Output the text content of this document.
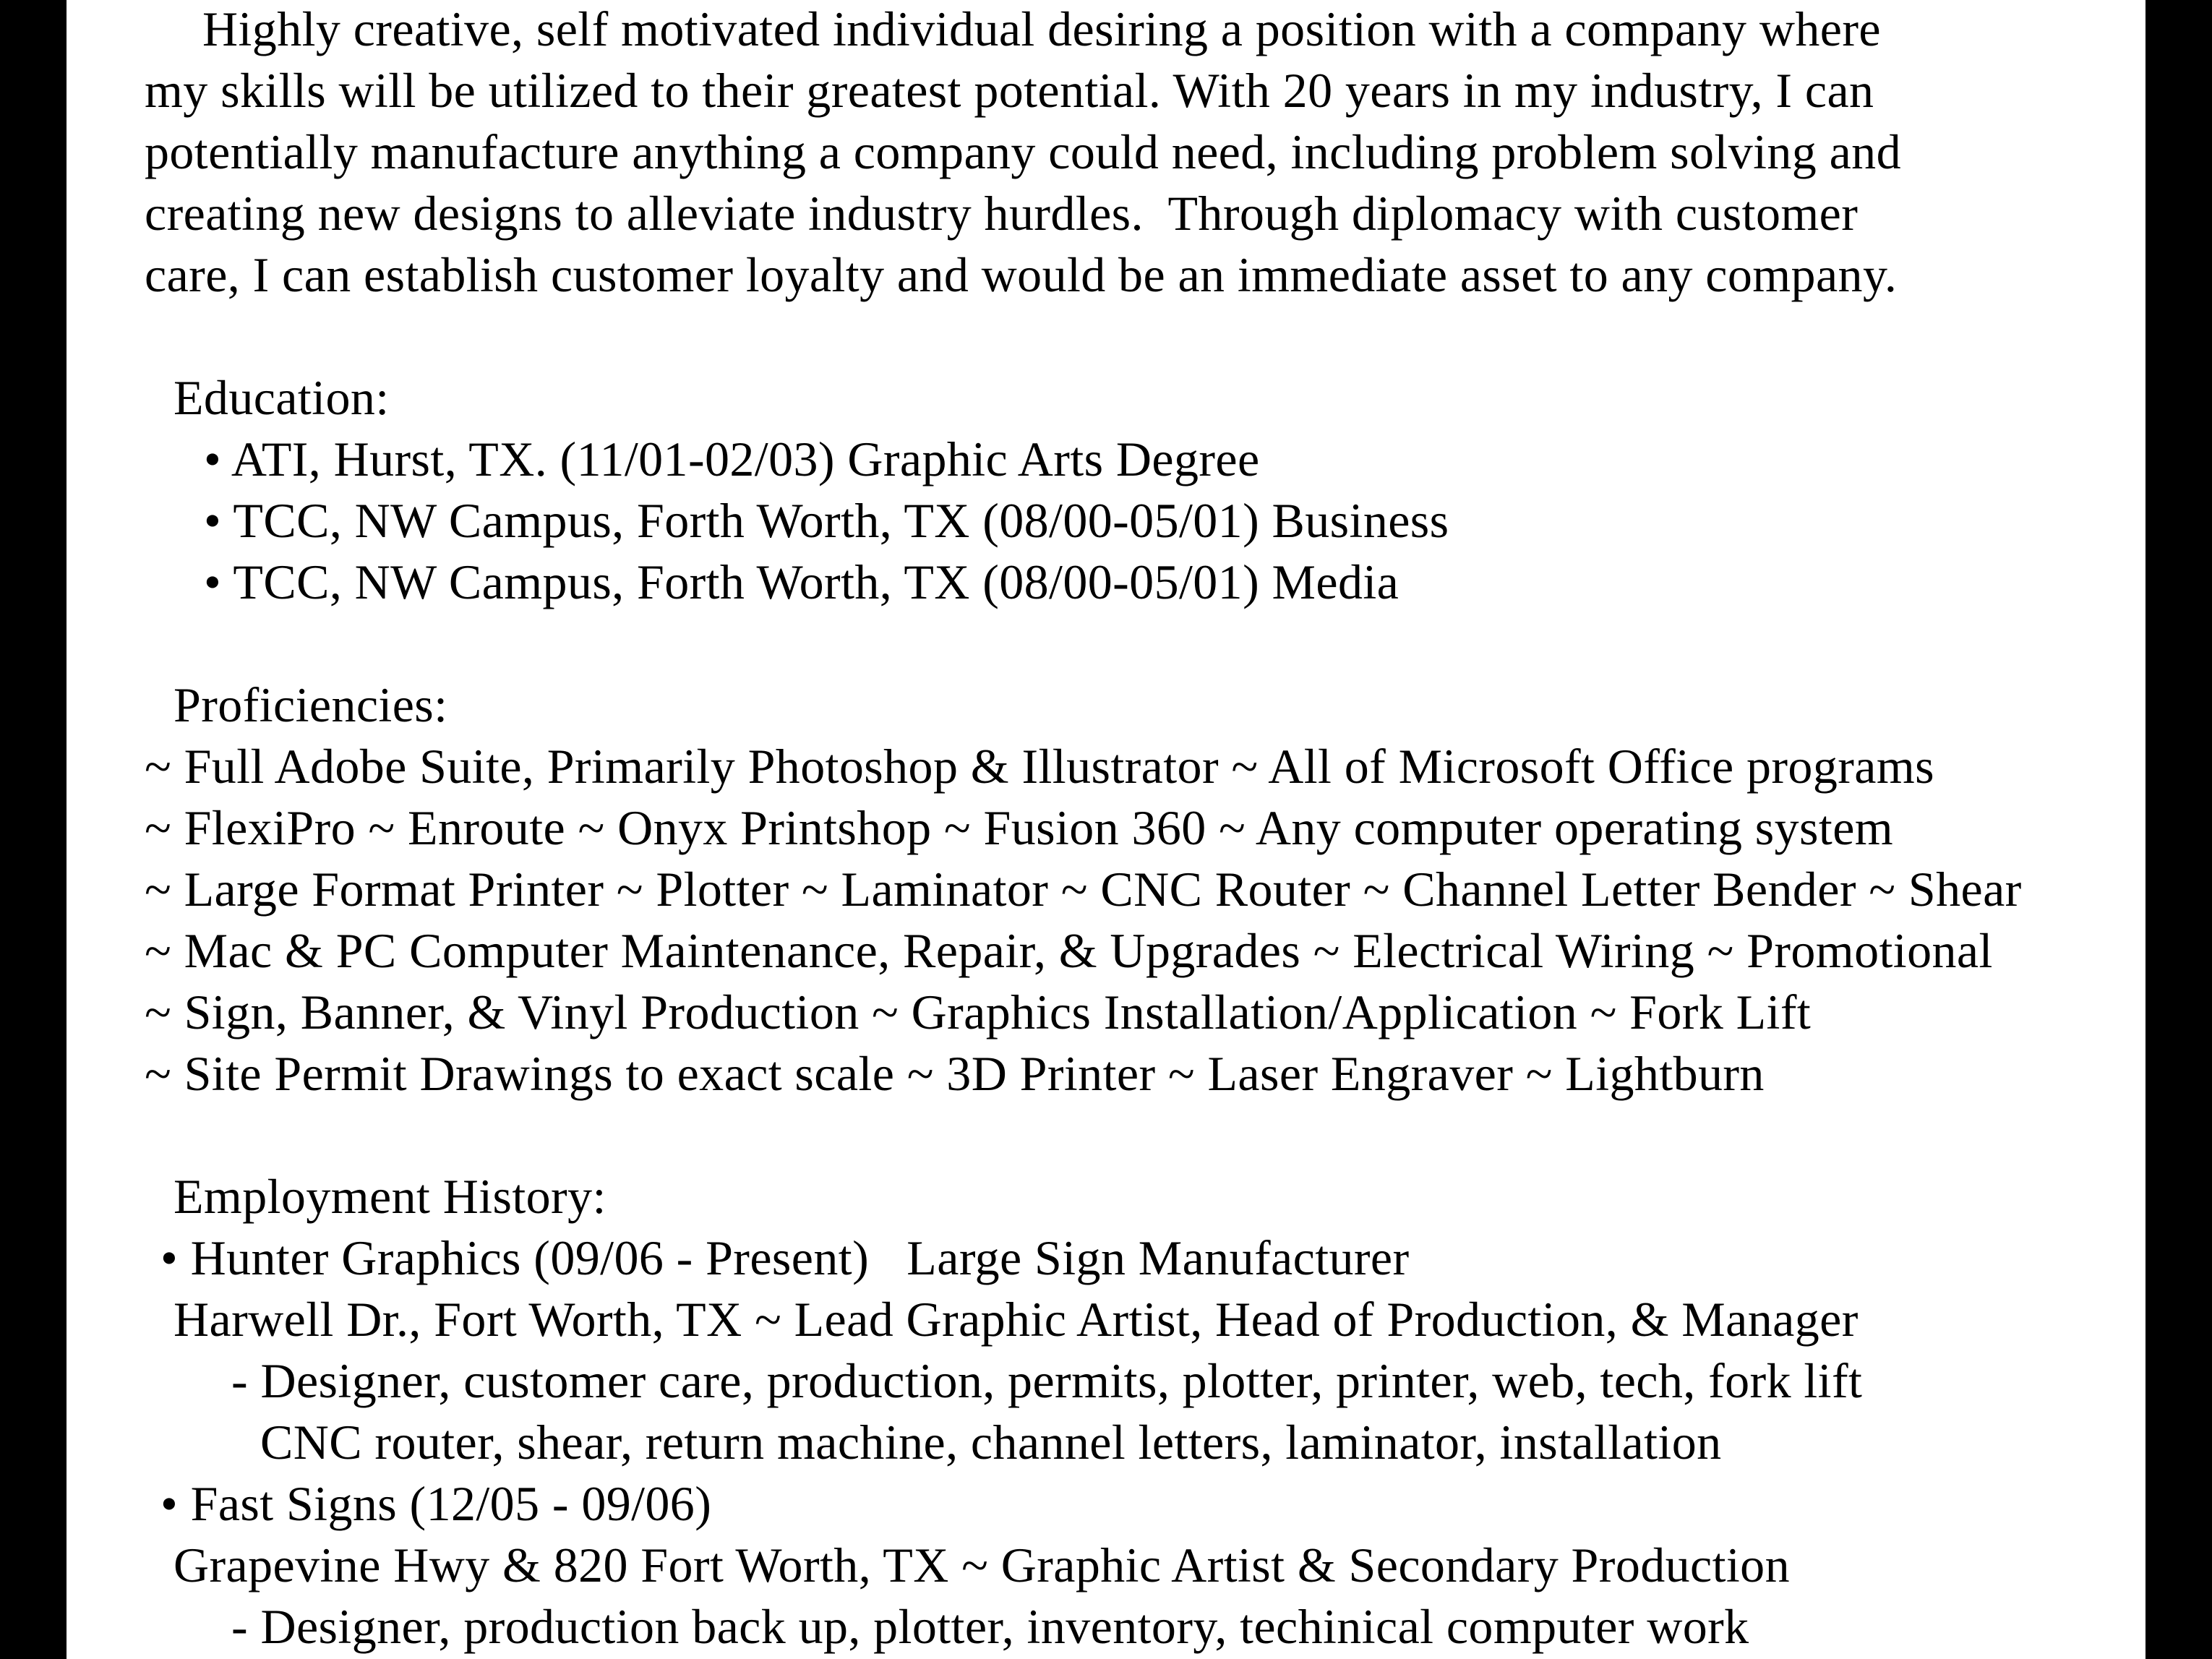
Highly creative, self motivated individual desiring a position with a company where
my skills will be utilized to their greatest potential. With 20 years in my industry, I can
potentially manufacture anything a company could need, including problem solving and
creating new designs to alleviate industry hurdles.  Through diplomacy with customer
care, I can establish customer loyalty and would be an immediate asset to any company.
Education:
• ATI, Hurst, TX. (11/01-02/03) Graphic Arts Degree
• TCC, NW Campus, Forth Worth, TX (08/00-05/01) Business
• TCC, NW Campus, Forth Worth, TX (08/00-05/01) Media
Proficiencies:
~ Full Adobe Suite, Primarily Photoshop & Illustrator ~ All of Microsoft Office programs
~ FlexiPro ~ Enroute ~ Onyx Printshop ~ Fusion 360 ~ Any computer operating system
~ Large Format Printer ~ Plotter ~ Laminator ~ CNC Router ~ Channel Letter Bender ~ Shear
~ Mac & PC Computer Maintenance, Repair, & Upgrades ~ Electrical Wiring ~ Promotional
~ Sign, Banner, & Vinyl Production ~ Graphics Installation/Application ~ Fork Lift
~ Site Permit Drawings to exact scale ~ 3D Printer ~ Laser Engraver ~ Lightburn
Employment History:
• Hunter Graphics (09/06 - Present)   Large Sign Manufacturer
Harwell Dr., Fort Worth, TX ~ Lead Graphic Artist, Head of Production, & Manager
- Designer, customer care, production, permits, plotter, printer, web, tech, fork lift
CNC router, shear, return machine, channel letters, laminator, installation
• Fast Signs (12/05 - 09/06)
Grapevine Hwy & 820 Fort Worth, TX ~ Graphic Artist & Secondary Production
- Designer, production back up, plotter, inventory, techinical computer work
